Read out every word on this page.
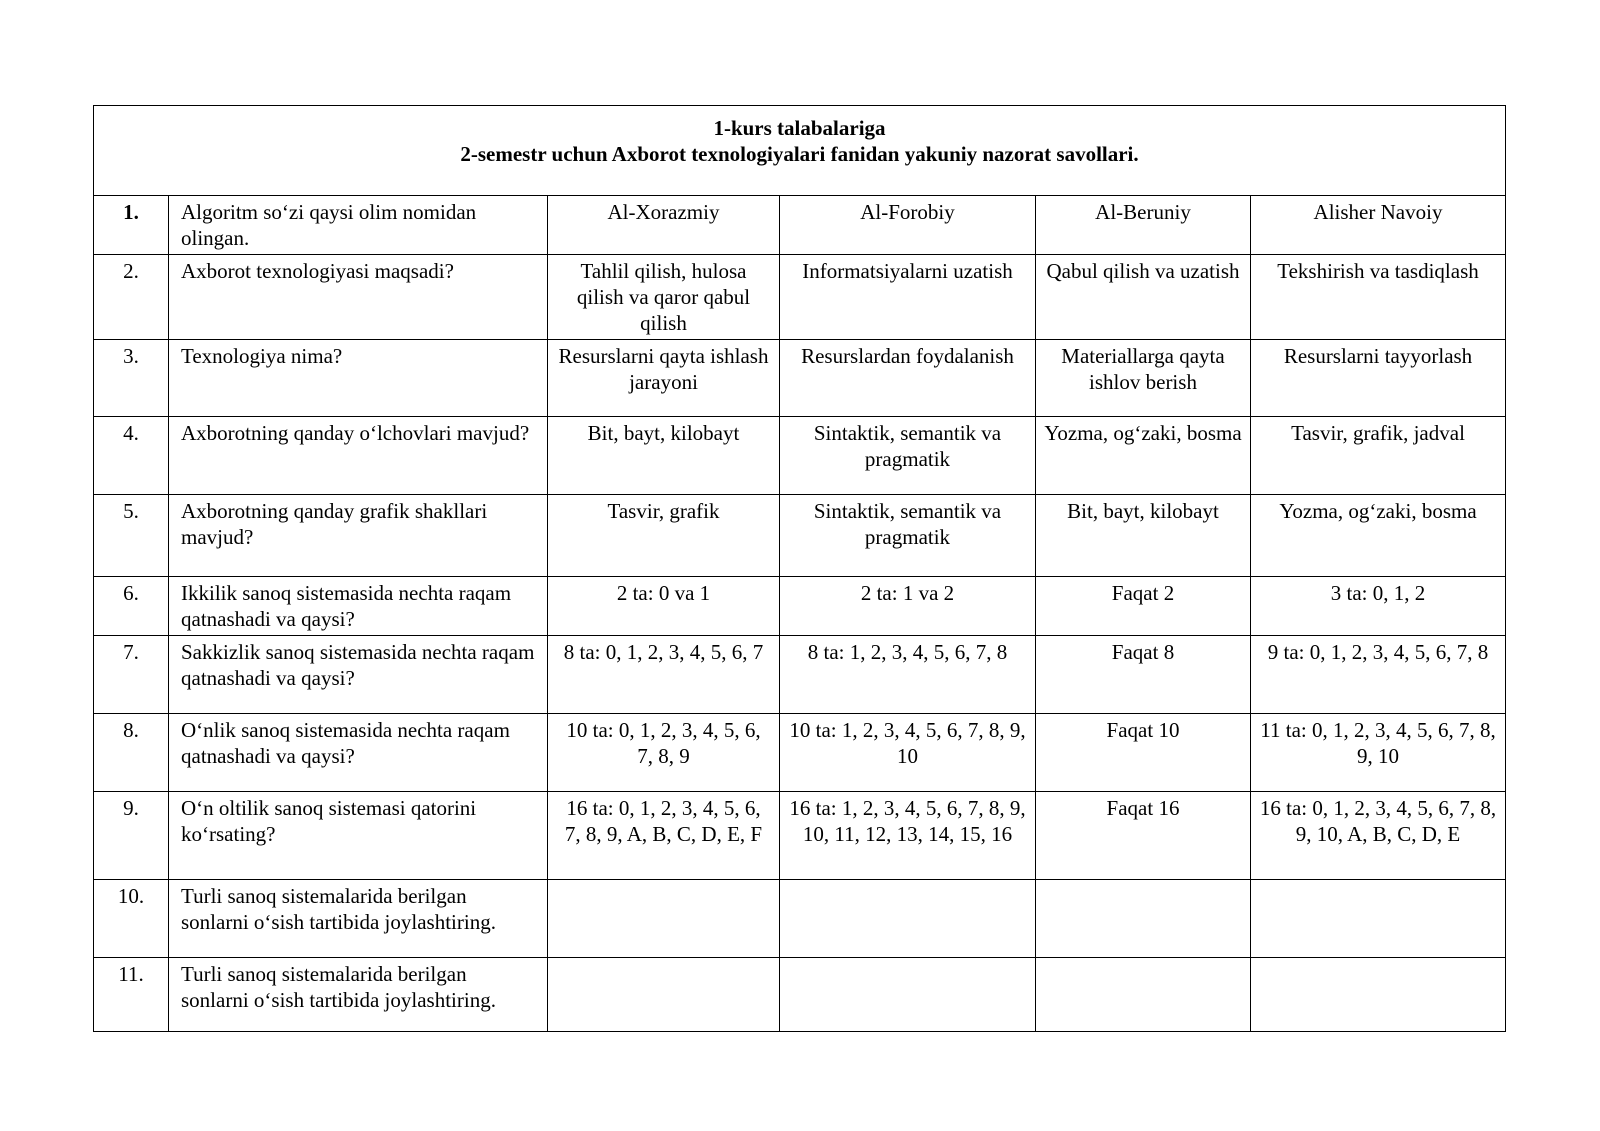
1-kurs talabalariga
2-semestr uchun Axborot texnologiyalari fanidan yakuniy nazorat savollari.					

1.	Algoritm so‘zi qaysi olim nomidan olingan.	Al-Xorazmiy	Al-Forobiy	Al-Beruniy	Alisher Navoiy
2.	Axborot texnologiyasi maqsadi?	Tahlil qilish, hulosa qilish va qaror qabul qilish	Informatsiyalarni uzatish	Qabul qilish va uzatish	Tekshirish va tasdiqlash
3.	Texnologiya nima?	Resurslarni qayta ishlash jarayoni	Resurslardan foydalanish	Materiallarga qayta ishlov berish	Resurslarni tayyorlash
4.	Axborotning qanday o‘lchovlari mavjud?	Bit, bayt, kilobayt	Sintaktik, semantik va pragmatik	Yozma, og‘zaki, bosma	Tasvir, grafik, jadval
5.	Axborotning qanday grafik shakllari mavjud?	Tasvir, grafik	Sintaktik, semantik va pragmatik	Bit, bayt, kilobayt	Yozma, og‘zaki, bosma
6.	Ikkilik sanoq sistemasida nechta raqam qatnashadi va qaysi?	2 ta: 0 va 1	2 ta: 1 va 2	Faqat 2	3 ta: 0, 1, 2
7.	Sakkizlik sanoq sistemasida nechta raqam qatnashadi va qaysi?	8 ta: 0, 1, 2, 3, 4, 5, 6, 7	8 ta: 1, 2, 3, 4, 5, 6, 7, 8	Faqat 8	9 ta: 0, 1, 2, 3, 4, 5, 6, 7, 8
8.	O‘nlik sanoq sistemasida nechta raqam qatnashadi va qaysi?	10 ta: 0, 1, 2, 3, 4, 5, 6, 7, 8, 9	10 ta: 1, 2, 3, 4, 5, 6, 7, 8, 9, 10	Faqat 10	11 ta: 0, 1, 2, 3, 4, 5, 6, 7, 8, 9, 10
9.	O‘n oltilik sanoq sistemasi qatorini ko‘rsating?	16 ta: 0, 1, 2, 3, 4, 5, 6, 7, 8, 9, A, B, C, D, E, F	16 ta: 1, 2, 3, 4, 5, 6, 7, 8, 9, 10, 11, 12, 13, 14, 15, 16	Faqat 16	16 ta: 0, 1, 2, 3, 4, 5, 6, 7, 8, 9, 10, A, B, C, D, E
10.	Turli sanoq sistemalarida berilgan sonlarni o‘sish tartibida joylashtiring.				
11.	Turli sanoq sistemalarida berilgan sonlarni o‘sish tartibida joylashtiring.				
